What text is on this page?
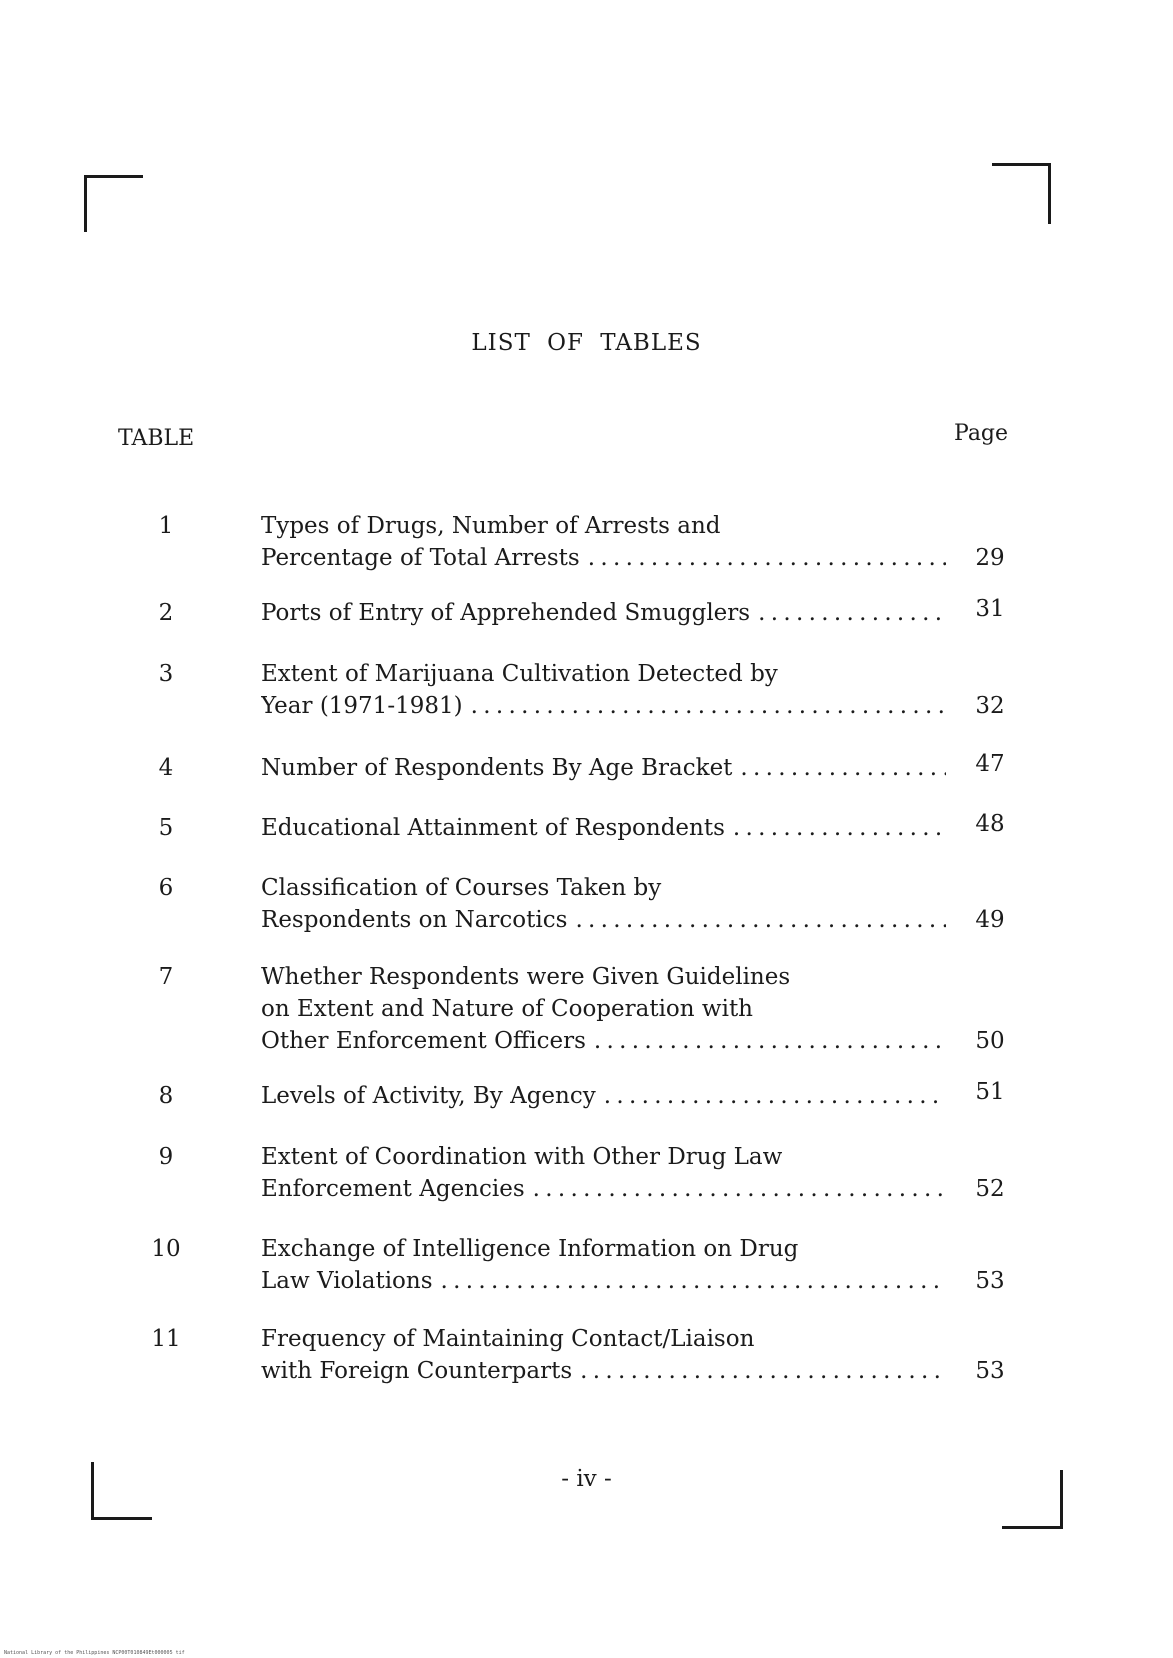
LIST OF TABLES
TABLE	Page
1	Types of Drugs, Number of Arrests and
Percentage of Total Arrests . . .	29
2	Ports of Entry of Apprehended Smugglers . . .	31
3	Extent of Marijuana Cultivation Detected by
Year (1971-1981) . . .	32
4	Number of Respondents By Age Bracket . . .	47
5	Educational Attainment of Respondents . . .	48
6	Classification of Courses Taken by
Respondents on Narcotics . . .	49
7	Whether Respondents were Given Guidelines
on Extent and Nature of Cooperation with
Other Enforcement Officers . . .	50
8	Levels of Activity, By Agency . . .	51
9	Extent of Coordination with Other Drug Law
Enforcement Agencies . . .	52
10	Exchange of Intelligence Information on Drug
Law Violations . . .	53
11	Frequency of Maintaining Contact/Liaison
with Foreign Counterparts . . .	53
- iv -
National Library of the Philippines NCP00T010849Et000005 tif
